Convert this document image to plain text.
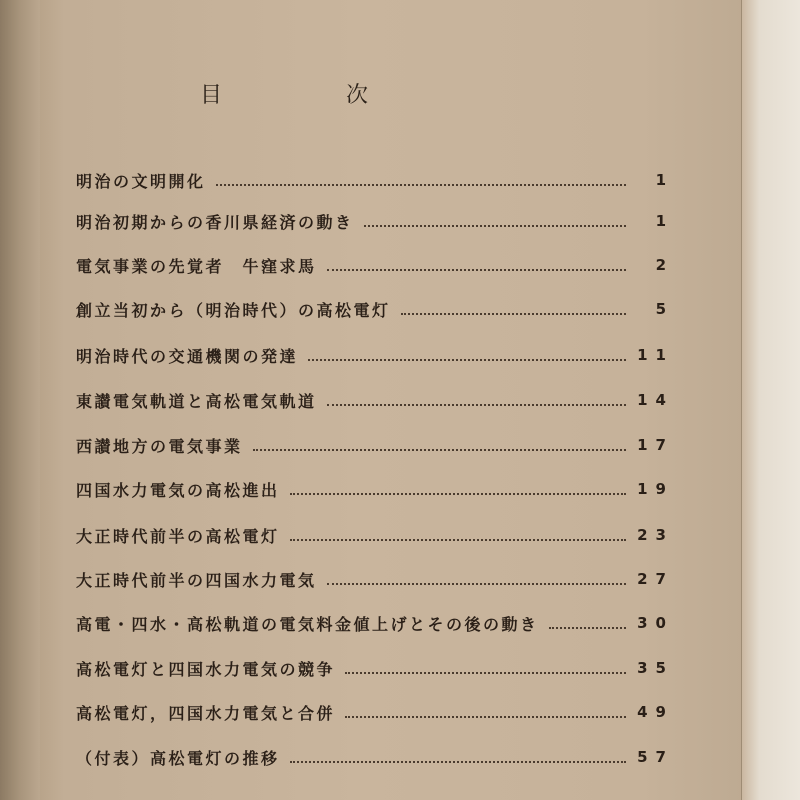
目	次
明治の文明開化	1
明治初期からの香川県経済の動き	1
電気事業の先覚者　牛窪求馬	2
創立当初から（明治時代）の高松電灯	5
明治時代の交通機関の発達	11
東讃電気軌道と高松電気軌道	14
西讃地方の電気事業	17
四国水力電気の高松進出	19
大正時代前半の高松電灯	23
大正時代前半の四国水力電気	27
高電・四水・高松軌道の電気料金値上げとその後の動き	30
高松電灯と四国水力電気の競争	35
高松電灯，四国水力電気と合併	49
（付表）高松電灯の推移	57
